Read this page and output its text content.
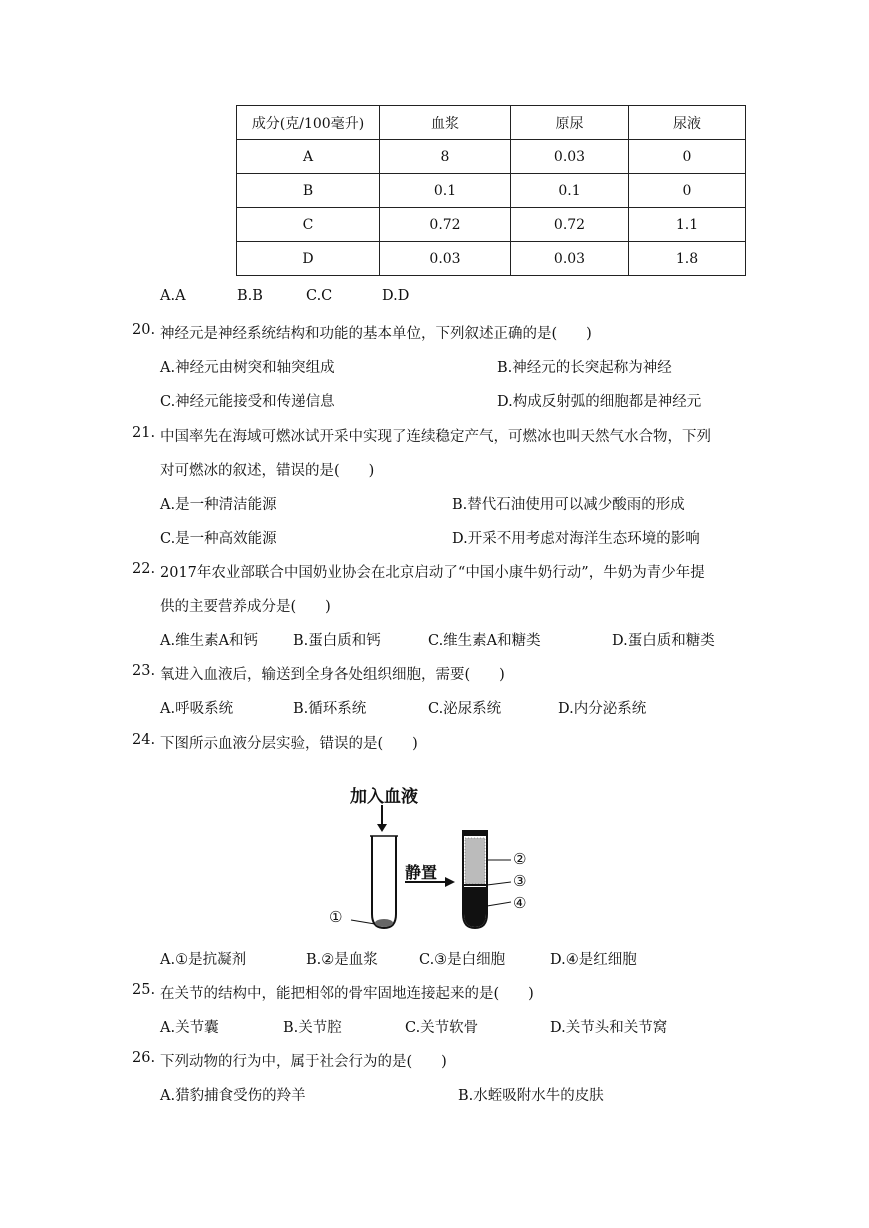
成分(克/100毫升)	血浆	原尿	尿液
A	8	0.03	0
B	0.1	0.1	0
C	0.72	0.72	1.1
D	0.03	0.03	1.8
A.A	B.B	C.C	D.D
20. 神经元是神经系统结构和功能的基本单位，下列叙述正确的是(　　)
A.神经元由树突和轴突组成	B.神经元的长突起称为神经
C.神经元能接受和传递信息	D.构成反射弧的细胞都是神经元
21. 中国率先在海域可燃冰试开采中实现了连续稳定产气，可燃冰也叫天然气水合物，下列
对可燃冰的叙述，错误的是(　　)
A.是一种清洁能源	B.替代石油使用可以减少酸雨的形成
C.是一种高效能源	D.开采不用考虑对海洋生态环境的影响
22. 2017年农业部联合中国奶业协会在北京启动了“中国小康牛奶行动”，牛奶为青少年提
供的主要营养成分是(　　)
A.维生素A和钙 B.蛋白质和钙	C.维生素A和糖类	D.蛋白质和糖类
23. 氧进入血液后，输送到全身各处组织细胞，需要(　　)
A.呼吸系统	B.循环系统	C.泌尿系统	D.内分泌系统
24. 下图所示血液分层实验，错误的是(　　)
加入血液
静置
①
②
③
④
A.①是抗凝剂	B.②是血浆	C.③是白细胞	D.④是红细胞
25. 在关节的结构中，能把相邻的骨牢固地连接起来的是(　　)
A.关节囊	B.关节腔	C.关节软骨	D.关节头和关节窝
26. 下列动物的行为中，属于社会行为的是(　　)
A.猎豹捕食受伤的羚羊	B.水蛭吸附水牛的皮肤
